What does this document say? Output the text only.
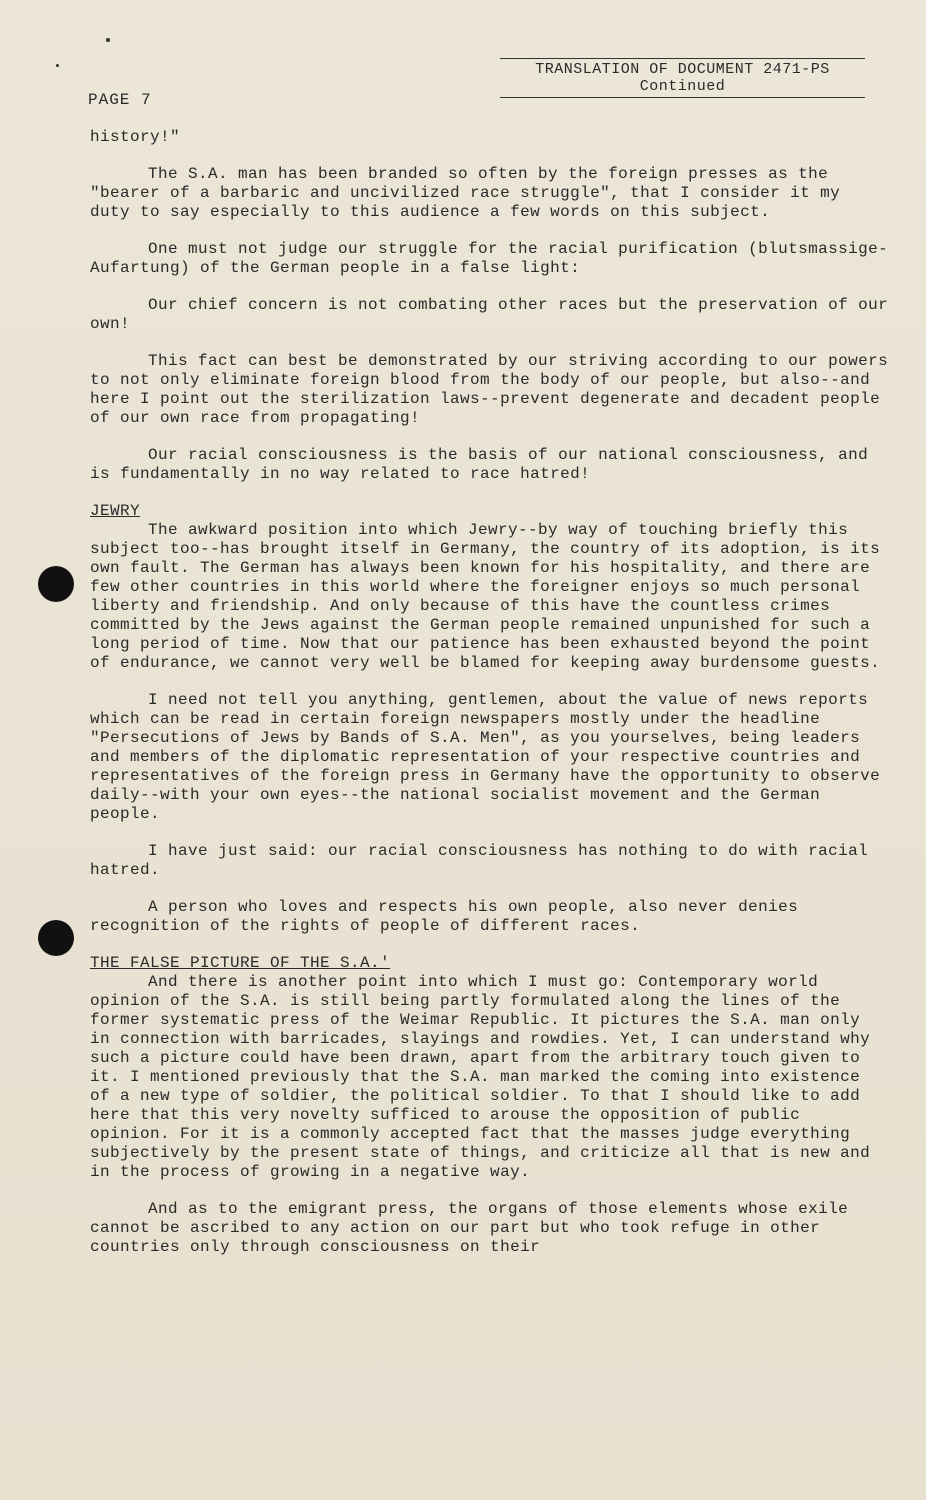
TRANSLATION OF DOCUMENT 2471-PS
Continued
PAGE 7

history!"

The S.A. man has been branded so often by the foreign presses as the "bearer of a barbaric and uncivilized race struggle", that I consider it my duty to say especially to this audience a few words on this subject.

One must not judge our struggle for the racial purification (blutsmassige-Aufartung) of the German people in a false light:

Our chief concern is not combating other races but the preservation of our own!

This fact can best be demonstrated by our striving according to our powers to not only eliminate foreign blood from the body of our people, but also--and here I point out the sterilization laws--prevent degenerate and decadent people of our own race from propagating!

Our racial consciousness is the basis of our national consciousness, and is fundamentally in no way related to race hatred!

JEWRY

The awkward position into which Jewry--by way of touching briefly this subject too--has brought itself in Germany, the country of its adoption, is its own fault. The German has always been known for his hospitality, and there are few other countries in this world where the foreigner enjoys so much personal liberty and friendship. And only because of this have the countless crimes committed by the Jews against the German people remained unpunished for such a long period of time. Now that our patience has been exhausted beyond the point of endurance, we cannot very well be blamed for keeping away burdensome guests.

I need not tell you anything, gentlemen, about the value of news reports which can be read in certain foreign newspapers mostly under the headline "Persecutions of Jews by Bands of S.A. Men", as you yourselves, being leaders and members of the diplomatic representation of your respective countries and representatives of the foreign press in Germany have the opportunity to observe daily--with your own eyes--the national socialist movement and the German people.

I have just said: our racial consciousness has nothing to do with racial hatred.

A person who loves and respects his own people, also never denies recognition of the rights of people of different races.

THE FALSE PICTURE OF THE S.A.'

And there is another point into which I must go: Contemporary world opinion of the S.A. is still being partly formulated along the lines of the former systematic press of the Weimar Republic. It pictures the S.A. man only in connection with barricades, slayings and rowdies. Yet, I can understand why such a picture could have been drawn, apart from the arbitrary touch given to it. I mentioned previously that the S.A. man marked the coming into existence of a new type of soldier, the political soldier. To that I should like to add here that this very novelty sufficed to arouse the opposition of public opinion. For it is a commonly accepted fact that the masses judge everything subjectively by the present state of things, and criticize all that is new and in the process of growing in a negative way.

And as to the emigrant press, the organs of those elements whose exile cannot be ascribed to any action on our part but who took refuge in other countries only through consciousness on their
